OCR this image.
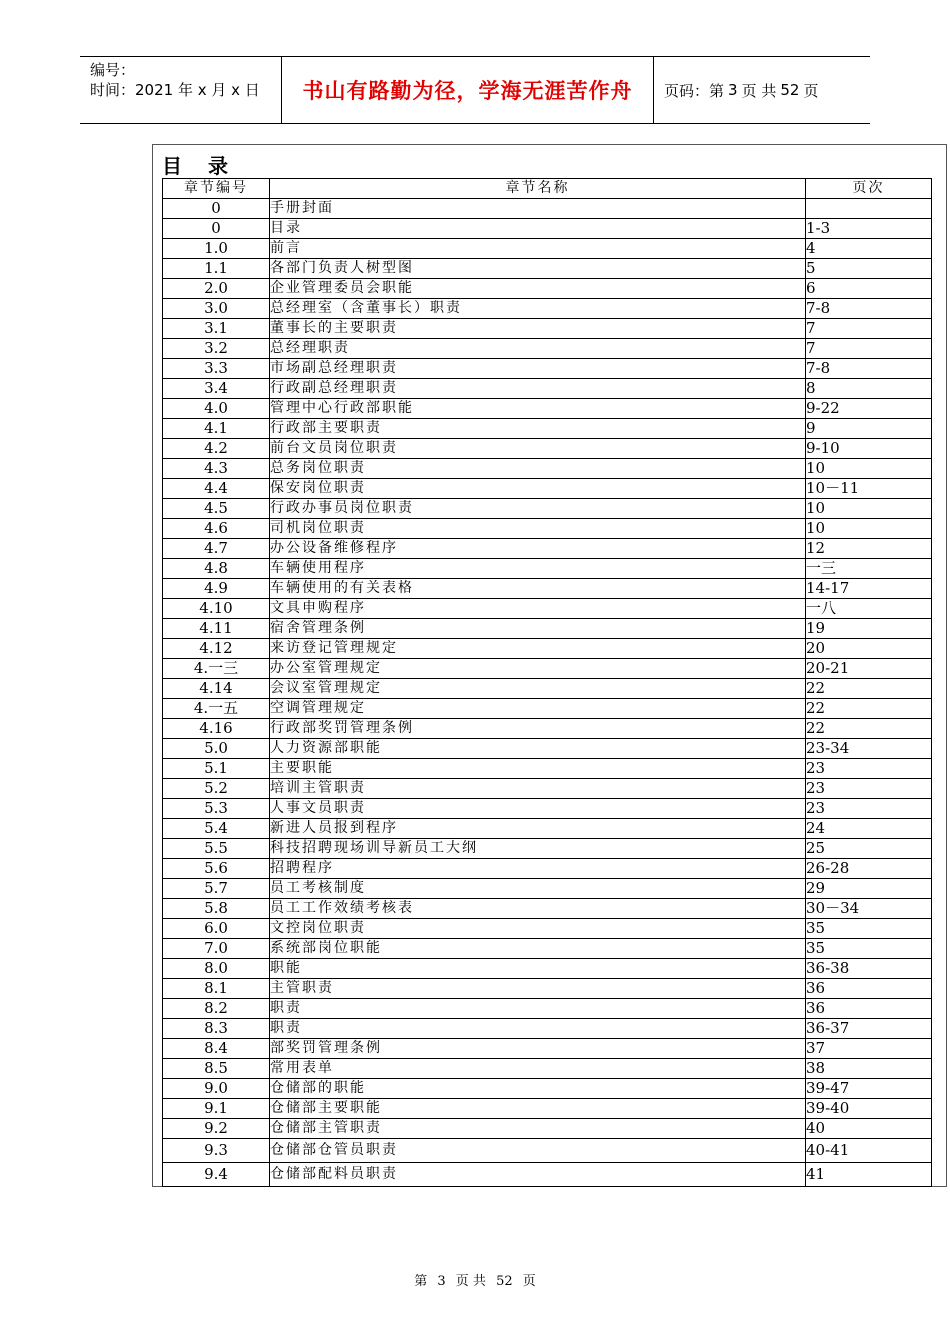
编号：
时间：2021 年 x 月 x 日	书山有路勤为径，学海无涯苦作舟	页码：第 3 页 共 52 页
目录
章节编号	章节名称	页次
0	手册封面	
0	目录	1-3
1.0	前言	4
1.1	各部门负责人树型图	5
2.0	企业管理委员会职能	6
3.0	总经理室（含董事长）职责	7-8
3.1	董事长的主要职责	7
3.2	总经理职责	7
3.3	市场副总经理职责	7-8
3.4	行政副总经理职责	8
4.0	管理中心行政部职能	9-22
4.1	行政部主要职责	9
4.2	前台文员岗位职责	9-10
4.3	总务岗位职责	10
4.4	保安岗位职责	10－11
4.5	行政办事员岗位职责	10
4.6	司机岗位职责	10
4.7	办公设备维修程序	12
4.8	车辆使用程序	一三
4.9	车辆使用的有关表格	14-17
4.10	文具申购程序	一八
4.11	宿舍管理条例	19
4.12	来访登记管理规定	20
4.一三	办公室管理规定	20-21
4.14	会议室管理规定	22
4.一五	空调管理规定	22
4.16	行政部奖罚管理条例	22
5.0	人力资源部职能	23-34
5.1	主要职能	23
5.2	培训主管职责	23
5.3	人事文员职责	23
5.4	新进人员报到程序	24
5.5	科技招聘现场训导新员工大纲	25
5.6	招聘程序	26-28
5.7	员工考核制度	29
5.8	员工工作效绩考核表	30－34
6.0	文控岗位职责	35
7.0	系统部岗位职能	35
8.0	职能	36-38
8.1	主管职责	36
8.2	职责	36
8.3	职责	36-37
8.4	部奖罚管理条例	37
8.5	常用表单	38
9.0	仓储部的职能	39-47
9.1	仓储部主要职能	39-40
9.2	仓储部主管职责	40
9.3	仓储部仓管员职责	40-41
9.4	仓储部配料员职责	41
第 3 页 共 52 页
